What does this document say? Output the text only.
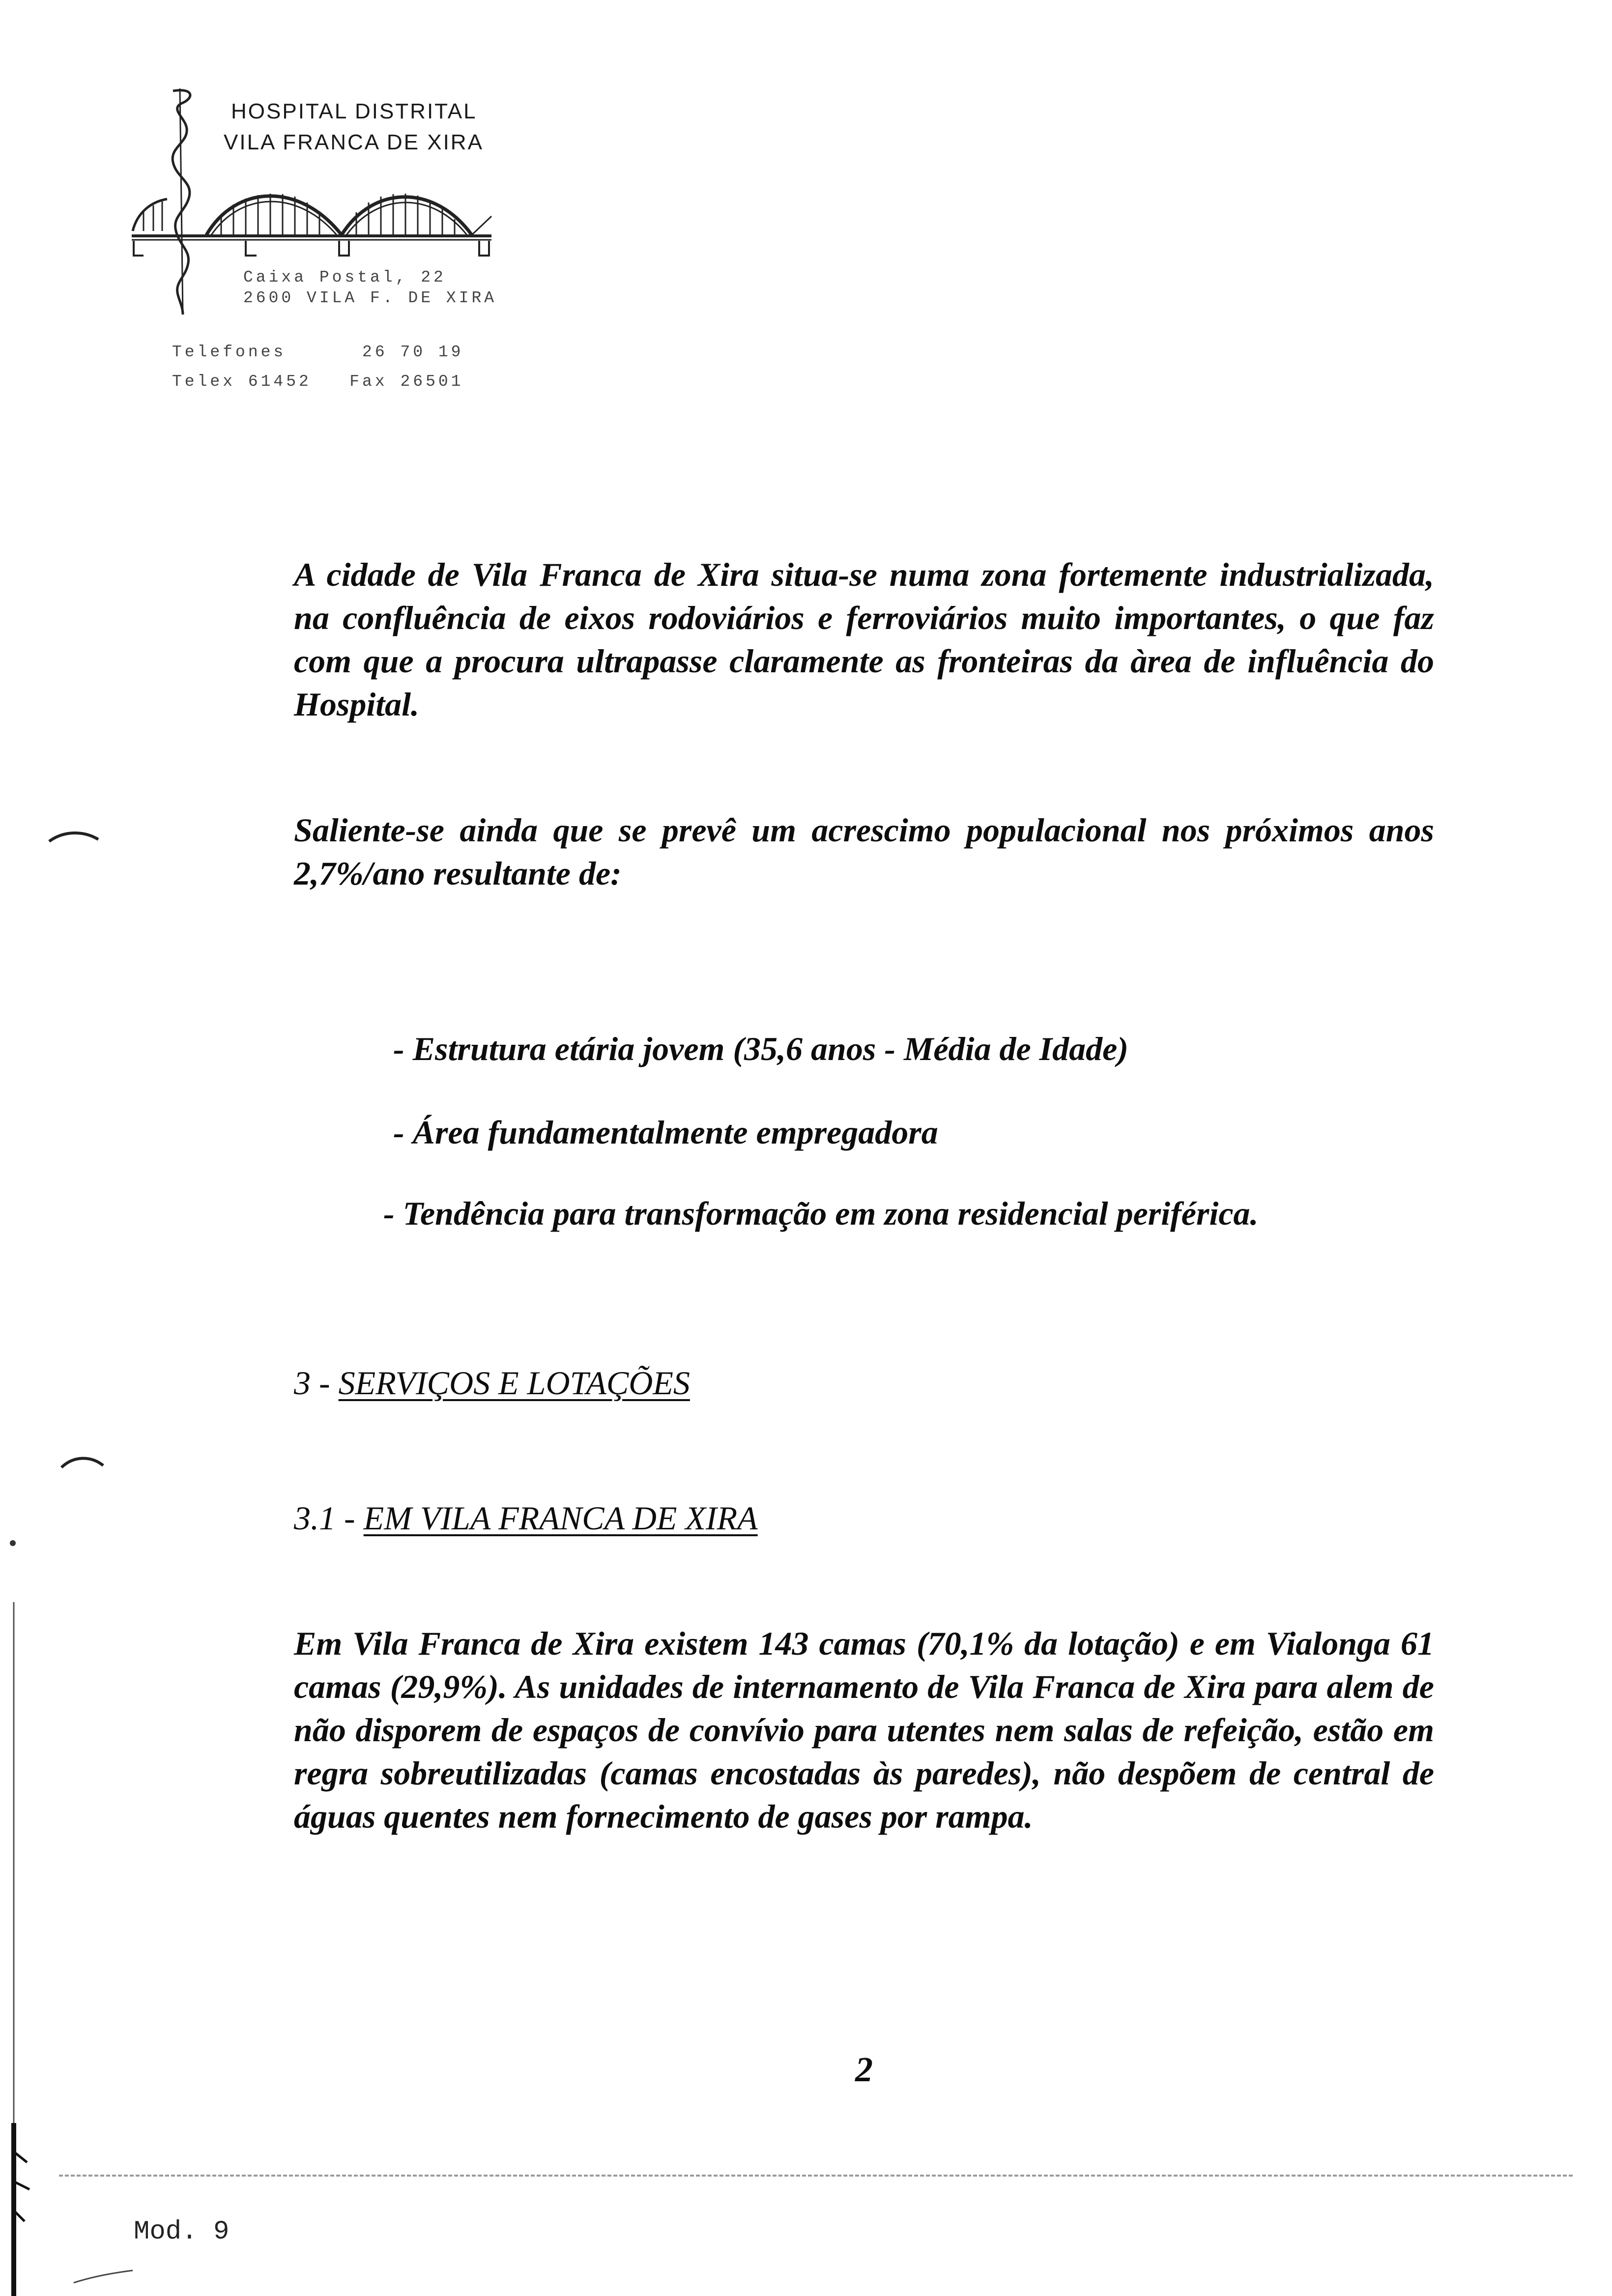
HOSPITAL DISTRITAL
VILA FRANCA DE XIRA
Caixa Postal, 22
2600 VILA F. DE XIRA
Telefones      26 70 19
Telex 61452   Fax 26501
A cidade de Vila Franca de Xira situa-se numa zona fortemente industrializada, na confluência de eixos rodoviários e ferroviários muito importantes, o que faz com que a procura ultrapasse claramente as fronteiras da àrea de influência do Hospital.
Saliente-se ainda que se prevê um acrescimo populacional nos próximos anos 2,7%/ano resultante de:
- Estrutura etária jovem (35,6 anos - Média de Idade)
- Área fundamentalmente empregadora
- Tendência para transformação em zona residencial periférica.
3 - SERVIÇOS E LOTAÇÕES
3.1 - EM VILA FRANCA DE XIRA
Em Vila Franca de Xira existem 143 camas (70,1% da lotação) e em Vialonga 61 camas (29,9%). As unidades de internamento de Vila Franca de Xira para alem de não disporem de espaços de convívio para utentes nem salas de refeição, estão em regra sobreutilizadas (camas encostadas às paredes), não despõem de central de águas quentes nem fornecimento de gases por rampa.
2
Mod. 9
